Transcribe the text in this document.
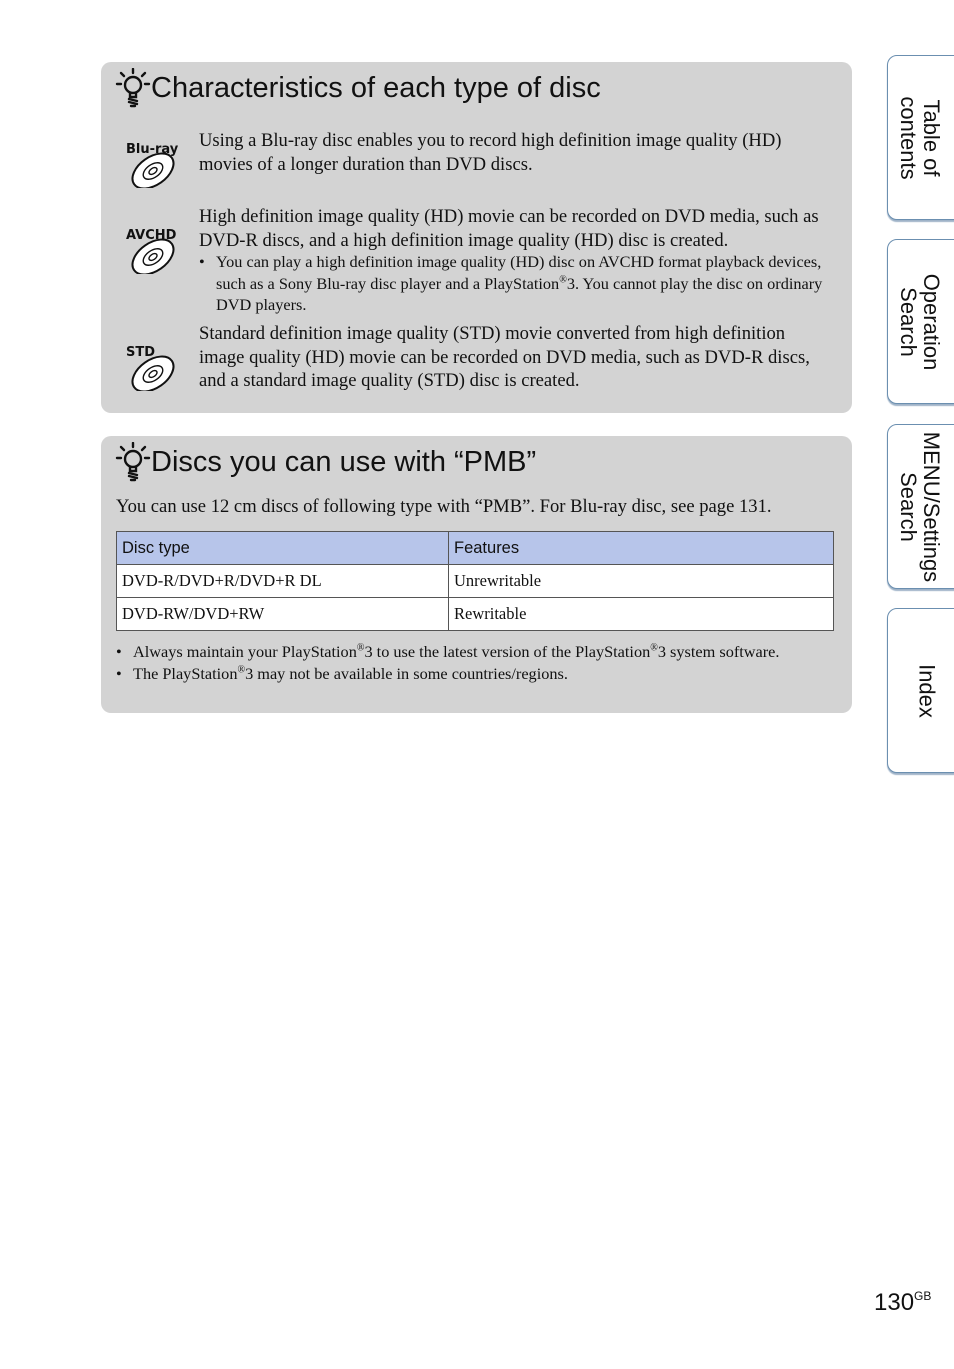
Characteristics of each type of disc
Blu-ray Using a Blu-ray disc enables you to record high definition image quality (HD) movies of a longer duration than DVD discs.
AVCHD
High definition image quality (HD) movie can be recorded on DVD media, such as DVD-R discs, and a high definition image quality (HD) disc is created.
• You can play a high definition image quality (HD) disc on AVCHD format playback devices, such as a Sony Blu-ray disc player and a PlayStation®3. You cannot play the disc on ordinary DVD players.
STD
Standard definition image quality (STD) movie converted from high definition image quality (HD) movie can be recorded on DVD media, such as DVD-R discs, and a standard image quality (STD) disc is created.
Discs you can use with “PMB”
You can use 12 cm discs of following type with “PMB”. For Blu-ray disc, see page 131.
Disc type	Features
DVD-R/DVD+R/DVD+R DL	Unrewritable
DVD-RW/DVD+RW	Rewritable
• Always maintain your PlayStation®3 to use the latest version of the PlayStation®3 system software.
• The PlayStation®3 may not be available in some countries/regions.
Table of
contents
Operation
Search
MENU/Settings
Search
Index
$130^{GB}$
